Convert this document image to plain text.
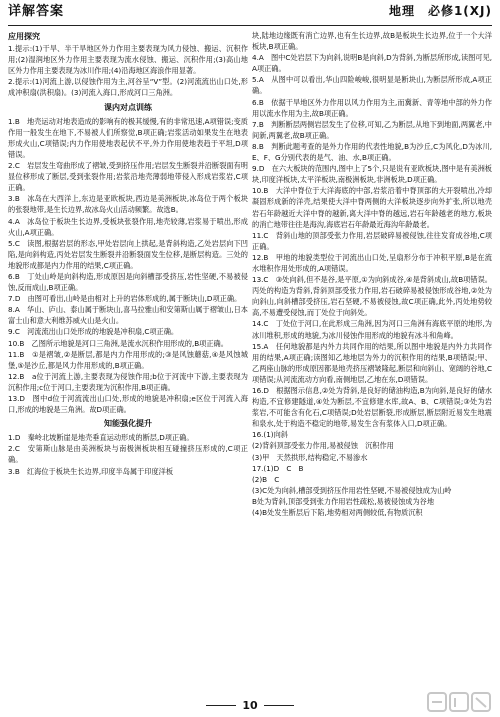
详解答案	地理　必修1(XJ)
应用探究
1.提示:(1)干旱、半干旱地区外力作用主要表现为风力侵蚀、搬运、沉积作用;(2)湿润地区外力作用主要表现为流水侵蚀、搬运、沉积作用;(3)高山地区外力作用主要表现为冰川作用;(4)沿海地区海浪作用显著。
2.提示:(1)河流上游,以侵蚀作用为主,河谷呈“V”型。(2)河流流出山口处,形成冲积扇(洪积扇)。(3)河流入海口,形成河口三角洲。
课内对点训练
1.B　地壳运动对地表造成的影响有的极其缓慢,有的非常迅速,A项错误;变质作用一般发生在地下,不易被人们所察觉,B项正确;岩浆活动如果发生在地表形成火山,C项错误;内力作用使地表起伏不平,外力作用使地表趋于平坦,D项错误。
2.C　岩层发生弯曲形成了褶皱,受到挤压作用;岩层发生断裂并沿断裂面有明显位移形成了断层,受到张裂作用;岩浆沿地壳薄弱地带侵入形成岩浆岩,C项正确。
3.B　冰岛在大西洋上,东边是亚欧板块,西边是美洲板块,冰岛位于两个板块的张裂地带,是生长边界,故冰岛火山活动频繁。故选B。
4.A　冰岛位于板块生长边界,受板块张裂作用,地壳较薄,岩浆易于喷出,形成火山,A项正确。
5.C　读图,根据岩层的形态,甲处岩层向上拱起,是背斜构造,乙处岩层向下凹陷,是向斜构造,丙处岩层发生断裂并沿断裂面发生位移,是断层构造。三处的地貌形成都是内力作用的结果,C项正确。
6.B　丁处山岭是向斜构造,形成原因是向斜槽部受挤压,岩性坚硬,不易被侵蚀,反而成山,B项正确。
7.D　由图可看出,山岭是由相对上升的岩体形成的,属于断块山,D项正确。
8.A　华山、庐山、泰山属于断块山,喜马拉雅山和安第斯山属于褶皱山,日本富士山和意大利维苏威火山是火山。
9.C　河流流出山口处形成的地貌是冲积扇,C项正确。
10.B　乙图所示地貌是河口三角洲,是流水沉积作用形成的,B项正确。
11.B　①是褶皱,②是断层,都是内力作用形成的;③是风蚀蘑菇,④是风蚀城堡,⑤是沙丘,都是风力作用形成的,B项正确。
12.B　a位于河流上游,主要表现为侵蚀作用;b位于河流中下游,主要表现为沉积作用;c位于河口,主要表现为沉积作用,B项正确。
13.D　图中d位于河流流出山口处,形成的地貌是冲积扇;e区位于河流入海口,形成的地貌是三角洲。故D项正确。
知能强化提升
1.D　秦岭北坡断崖是地壳垂直运动形成的断层,D项正确。
2.C　安第斯山脉是由美洲板块与南极洲板块相互碰撞挤压形成的,C项正确。
3.B　红海位于板块生长边界,印度半岛属于印度洋板
块,陆地边缘既有消亡边界,也有生长边界,故B是板块生长边界,位于一个大洋板块,B项正确。
4.A　图中C处岩层下为向斜,说明B是向斜,D为背斜,为断层所形成,读图可见,A项正确。
5.A　从图中可以看出,华山四险峻峻,很明显是断块山,为断层所形成,A项正确。
6.B　依据干旱地区外力作用以风力作用为主,而冀新、青等地中部的外力作用以流水作用为主,故B项正确。
7.B　判断断层两侧岩层发生了位移,可知,乙为断层,从地下到地面,两翼老,中间新,两翼老,故B项正确。
8.B　判断此题考查的是外力作用的代表性地貌,B为沙丘,C为风化,D为冰川,E、F、G分别代表的是气、油、水,B项正确。
9.D　在六大板块的范围内,图中上了5个,只是说有亚欧板块,图中是有美洲板块,印度洋板块,太平洋板块,南极洲板块,非洲板块,D项正确。
10.B　大洋中脊位于大洋海底的中部,岩浆沿着中脊顶部的大开裂喷出,冷却凝固形成新的洋壳,结果使大洋中脊两侧的大洋板块逐步向外扩张,所以地壳岩石年龄越近大洋中脊的越新,离大洋中脊的越远,岩石年龄越老的地方,板块的消亡地带往往是海沟,海底岩石年龄最近海沟年龄最老。
11.C　背斜山地的顶部受张力作用,岩层破碎易被侵蚀,往往发育成谷地,C项正确。
12.B　甲地的地貌类型位于河流出山口处,呈扇形分布于冲积平原,B是在流水堆积作用处形成的,A项错误。
13.C　③处向斜,但不是谷,是平原,①为向斜成谷,④是背斜成山,故B项错误。丙处的构造为背斜,背斜顶部受张力作用,岩石破碎易被侵蚀形成谷地,②处为向斜山,向斜槽部受挤压,岩石坚硬,不易被侵蚀,故C项正确,此外,丙处地势较高,不易遭受侵蚀,而丁处位于向斜处。
14.C　丁处位于河口,在此形成三角洲,因为河口三角洲有海底平原的地形,为冰川堆积,形成的地貌,为冰川侵蚀作用形成的地貌有冰斗和角峰。
15.A　任何地貌都是内外力共同作用的结果,所以图中地貌是内外力共同作用的结果,A项正确;读图知乙地地层为外力的沉积作用的结果,B项错误;甲、乙两座山脉的形成原因都是地壳挤压褶皱隆起,断层和向斜山、宽阔的谷地,C项错误;从河流流动方向看,南侧地层,乙地在东,D项错误。
16.D　根据图示信息,②处为背斜,是良好的储油构造,B为向斜,是良好的储水构造,不宜修建隧道,④处为断层,不宜修建水库,故A、B、C项错误;③处为岩浆岩,不可能含有化石,C项错误;D处岩层断裂,形成断层,断层附近易发生地震和泉水,处于构造不稳定的地带,易发生含有浆体入口,D项正确。
16.(1)向斜
(2)背斜顶部受张力作用,易被侵蚀　沉积作用
(3)甲　天然拱形,结构稳定,不易渗水
17.(1)D　C　B
(2)B　C
(3)C处为向斜,槽部受到挤压作用岩性坚硬,不易被侵蚀成为山岭
B处为背斜,顶部受到张力作用岩性疏松,易被侵蚀成为谷地
(4)B处发生断层后下陷,地势相对两侧较低,有物质沉积
10
